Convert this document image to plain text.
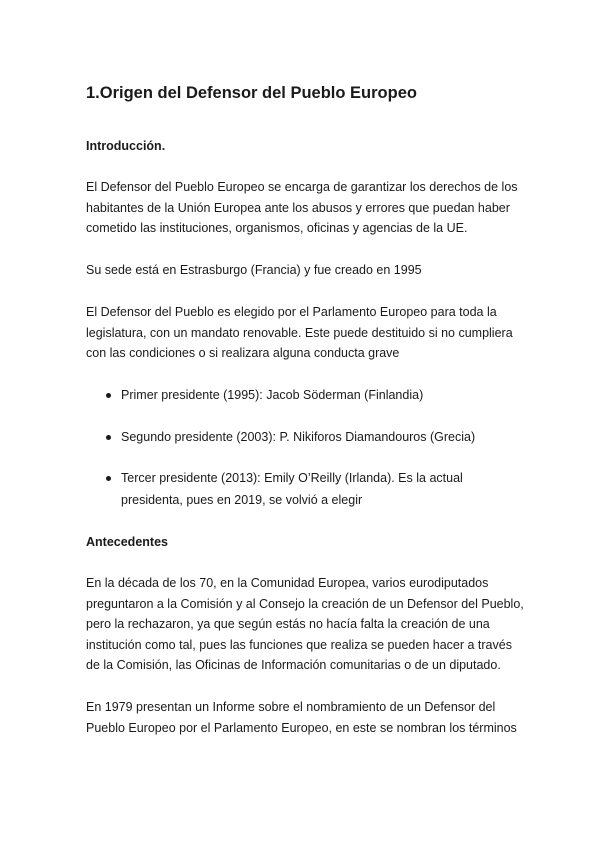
1.Origen del Defensor del Pueblo Europeo
Introducción.

El Defensor del Pueblo Europeo se encarga de garantizar los derechos de los
habitantes de la Unión Europea ante los abusos y errores que puedan haber
cometido las instituciones, organismos, oficinas y agencias de la UE.

Su sede está en Estrasburgo (Francia) y fue creado en 1995

El Defensor del Pueblo es elegido por el Parlamento Europeo para toda la
legislatura, con un mandato renovable. Este puede destituido si no cumpliera
con las condiciones o si realizara alguna conducta grave

Primer presidente (1995): Jacob Söderman (Finlandia)

Segundo presidente (2003): P. Nikiforos Diamandouros (Grecia)

Tercer presidente (2013): Emily O’Reilly (Irlanda). Es la actual
presidenta, pues en 2019, se volvió a elegir

Antecedentes

En la década de los 70, en la Comunidad Europea, varios eurodiputados
preguntaron a la Comisión y al Consejo la creación de un Defensor del Pueblo,
pero la rechazaron, ya que según estás no hacía falta la creación de una
institución como tal, pues las funciones que realiza se pueden hacer a través
de la Comisión, las Oficinas de Información comunitarias o de un diputado.

En 1979 presentan un Informe sobre el nombramiento de un Defensor del
Pueblo Europeo por el Parlamento Europeo, en este se nombran los términos
